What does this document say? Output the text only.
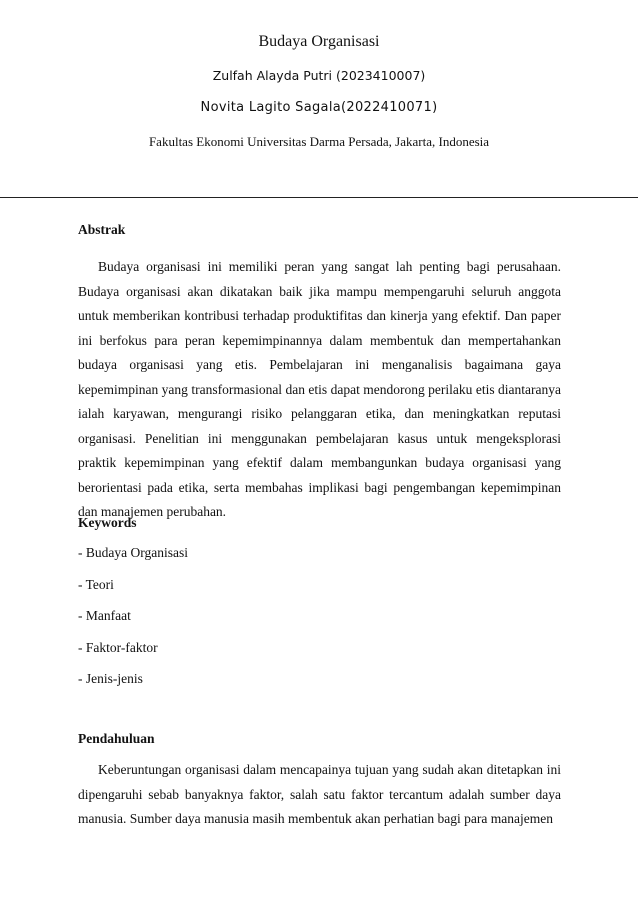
Budaya Organisasi
Zulfah Alayda Putri (2023410007)
Novita Lagito Sagala(2022410071)
Fakultas Ekonomi Universitas Darma Persada, Jakarta, Indonesia
Abstrak

Budaya organisasi ini memiliki peran yang sangat lah penting bagi perusahaan. Budaya organisasi akan dikatakan baik jika mampu mempengaruhi seluruh anggota untuk memberikan kontribusi terhadap produktifitas dan kinerja yang efektif. Dan paper ini berfokus para peran kepemimpinannya dalam membentuk dan mempertahankan budaya organisasi yang etis. Pembelajaran ini menganalisis bagaimana gaya kepemimpinan yang transformasional dan etis dapat mendorong perilaku etis diantaranya ialah karyawan, mengurangi risiko pelanggaran etika, dan meningkatkan reputasi organisasi. Penelitian ini menggunakan pembelajaran kasus untuk mengeksplorasi praktik kepemimpinan yang efektif dalam membangunkan budaya organisasi yang berorientasi pada etika, serta membahas implikasi bagi pengembangan kepemimpinan dan manajemen perubahan.

Keywords
- Budaya Organisasi
- Teori
- Manfaat
- Faktor-faktor
- Jenis-jenis
Pendahuluan

Keberuntungan organisasi dalam mencapainya tujuan yang sudah akan ditetapkan ini dipengaruhi sebab banyaknya faktor, salah satu faktor tercantum adalah sumber daya manusia. Sumber daya manusia masih membentuk akan perhatian bagi para manajemen
